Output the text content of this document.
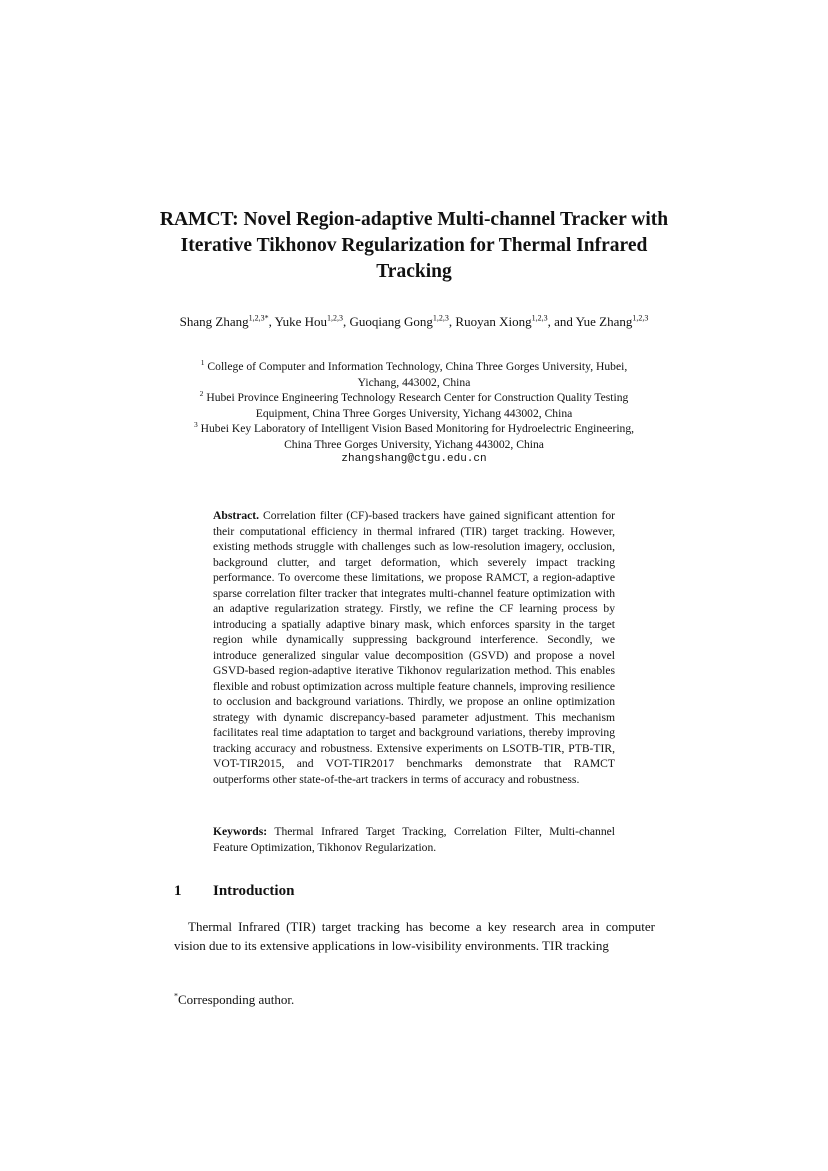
RAMCT: Novel Region-adaptive Multi-channel Tracker with Iterative Tikhonov Regularization for Thermal Infrared Tracking
Shang Zhang$^{1,2,3*}$, Yuke Hou$^{1,2,3}$, Guoqiang Gong$^{1,2,3}$, Ruoyan Xiong$^{1,2,3}$, and Yue Zhang$^{1,2,3}$
$^1$ College of Computer and Information Technology, China Three Gorges University, Hubei,
Yichang, 443002, China
$^2$ Hubei Province Engineering Technology Research Center for Construction Quality Testing
Equipment, China Three Gorges University, Yichang 443002, China
$^3$ Hubei Key Laboratory of Intelligent Vision Based Monitoring for Hydroelectric Engineering,
China Three Gorges University, Yichang 443002, China
zhangshang@ctgu.edu.cn
Abstract. Correlation filter (CF)-based trackers have gained significant attention for their computational efficiency in thermal infrared (TIR) target tracking. However, existing methods struggle with challenges such as low-resolution imagery, occlusion, background clutter, and target deformation, which severely impact tracking performance. To overcome these limitations, we propose RAMCT, a region-adaptive sparse correlation filter tracker that integrates multi-channel feature optimization with an adaptive regularization strategy. Firstly, we refine the CF learning process by introducing a spatially adaptive binary mask, which enforces sparsity in the target region while dynamically suppressing background interference. Secondly, we introduce generalized singular value decomposition (GSVD) and propose a novel GSVD-based region-adaptive iterative Tikhonov regularization method. This enables flexible and robust optimization across multiple feature channels, improving resilience to occlusion and background variations. Thirdly, we propose an online optimization strategy with dynamic discrepancy-based parameter adjustment. This mechanism facilitates real time adaptation to target and background variations, thereby improving tracking accuracy and robustness. Extensive experiments on LSOTB-TIR, PTB-TIR, VOT-TIR2015, and VOT-TIR2017 benchmarks demonstrate that RAMCT outperforms other state-of-the-art trackers in terms of accuracy and robustness.
Keywords: Thermal Infrared Target Tracking, Correlation Filter, Multi-channel Feature Optimization, Tikhonov Regularization.
1 Introduction
Thermal Infrared (TIR) target tracking has become a key research area in computer vision due to its extensive applications in low-visibility environments. TIR tracking
*Corresponding author.
